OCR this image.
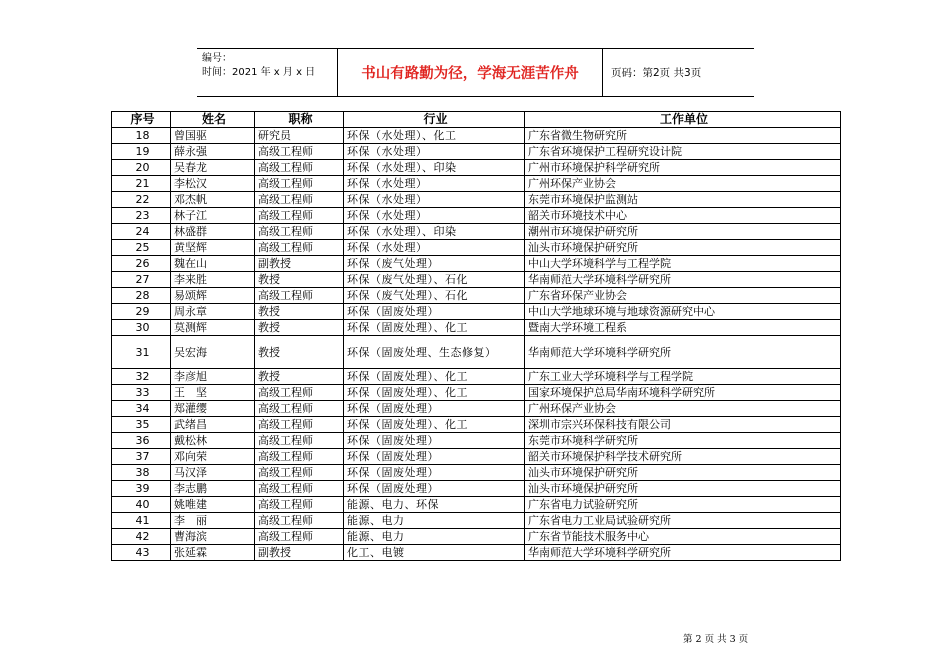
编号：
时间：2021 年 x 月 x 日	书山有路勤为径，学海无涯苦作舟	页码：第2页 共3页
序号	姓名	职称	行业	工作单位
18	曾国驱	研究员	环保（水处理）、化工	广东省微生物研究所
19	薛永强	高级工程师	环保（水处理）	广东省环境保护工程研究设计院
20	吴春龙	高级工程师	环保（水处理）、印染	广州市环境保护科学研究所
21	李松汉	高级工程师	环保（水处理）	广州环保产业协会
22	邓杰帆	高级工程师	环保（水处理）	东莞市环境保护监测站
23	林子江	高级工程师	环保（水处理）	韶关市环境技术中心
24	林盛群	高级工程师	环保（水处理）、印染	潮州市环境保护研究所
25	黄坚辉	高级工程师	环保（水处理）	汕头市环境保护研究所
26	魏在山	副教授	环保（废气处理）	中山大学环境科学与工程学院
27	李来胜	教授	环保（废气处理）、石化	华南师范大学环境科学研究所
28	易颂辉	高级工程师	环保（废气处理）、石化	广东省环保产业协会
29	周永章	教授	环保（固废处理）	中山大学地球环境与地球资源研究中心
30	莫测辉	教授	环保（固废处理）、化工	暨南大学环境工程系
31	吴宏海	教授	环保（固废处理、生态修复）	华南师范大学环境科学研究所
32	李彦旭	教授	环保（固废处理）、化工	广东工业大学环境科学与工程学院
33	王　坚	高级工程师	环保（固废处理）、化工	国家环境保护总局华南环境科学研究所
34	郑灌缨	高级工程师	环保（固废处理）	广州环保产业协会
35	武绪昌	高级工程师	环保（固废处理）、化工	深圳市宗兴环保科技有限公司
36	戴松林	高级工程师	环保（固废处理）	东莞市环境科学研究所
37	邓向荣	高级工程师	环保（固废处理）	韶关市环境保护科学技术研究所
38	马汉泽	高级工程师	环保（固废处理）	汕头市环境保护研究所
39	李志鹏	高级工程师	环保（固废处理）	汕头市环境保护研究所
40	姚唯建	高级工程师	能源、电力、环保	广东省电力试验研究所
41	李　丽	高级工程师	能源、电力	广东省电力工业局试验研究所
42	曹海滨	高级工程师	能源、电力	广东省节能技术服务中心
43	张延霖	副教授	化工、电镀	华南师范大学环境科学研究所
第 2 页 共 3 页
